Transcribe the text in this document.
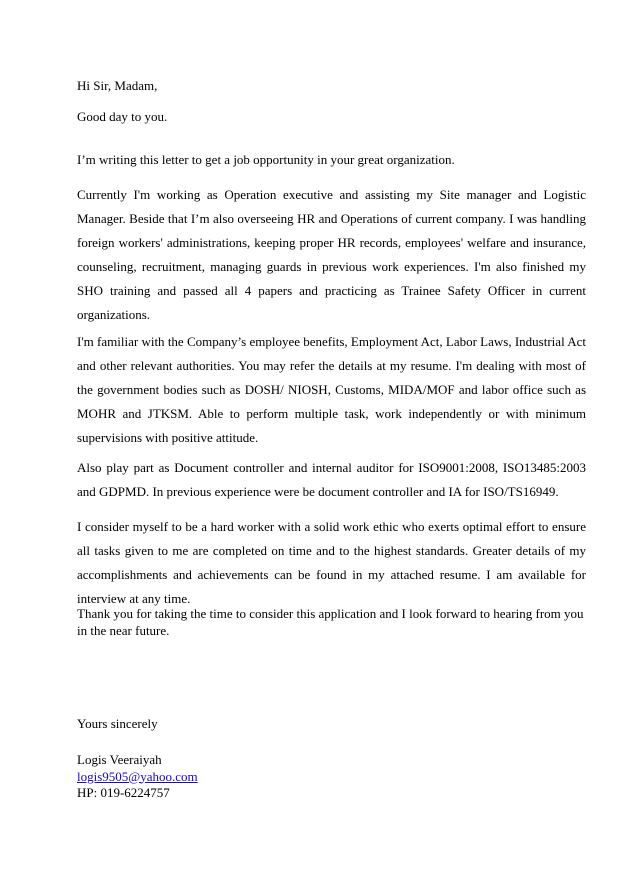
Hi Sir, Madam,

Good day to you.

I’m writing this letter to get a job opportunity in your great organization.

Currently I'm working as Operation executive and assisting my Site manager and Logistic Manager. Beside that I’m also overseeing HR and Operations of current company. I was handling foreign workers' administrations, keeping proper HR records, employees' welfare and insurance, counseling, recruitment, managing guards in previous work experiences. I'm also finished my SHO training and passed all 4 papers and practicing as Trainee Safety Officer in current organizations.

I'm familiar with the Company’s employee benefits, Employment Act, Labor Laws, Industrial Act and other relevant authorities. You may refer the details at my resume. I'm dealing with most of the government bodies such as DOSH/ NIOSH, Customs, MIDA/MOF and labor office such as MOHR and JTKSM. Able to perform multiple task, work independently or with minimum supervisions with positive attitude.

Also play part as Document controller and internal auditor for ISO9001:2008, ISO13485:2003 and GDPMD. In previous experience were be document controller and IA for ISO/TS16949.

I consider myself to be a hard worker with a solid work ethic who exerts optimal effort to ensure all tasks given to me are completed on time and to the highest standards. Greater details of my accomplishments and achievements can be found in my attached resume. I am available for interview at any time.

Thank you for taking the time to consider this application and I look forward to hearing from you
in the near future.

Yours sincerely

Logis Veeraiyah
logis9505@yahoo.com
HP: 019-6224757
